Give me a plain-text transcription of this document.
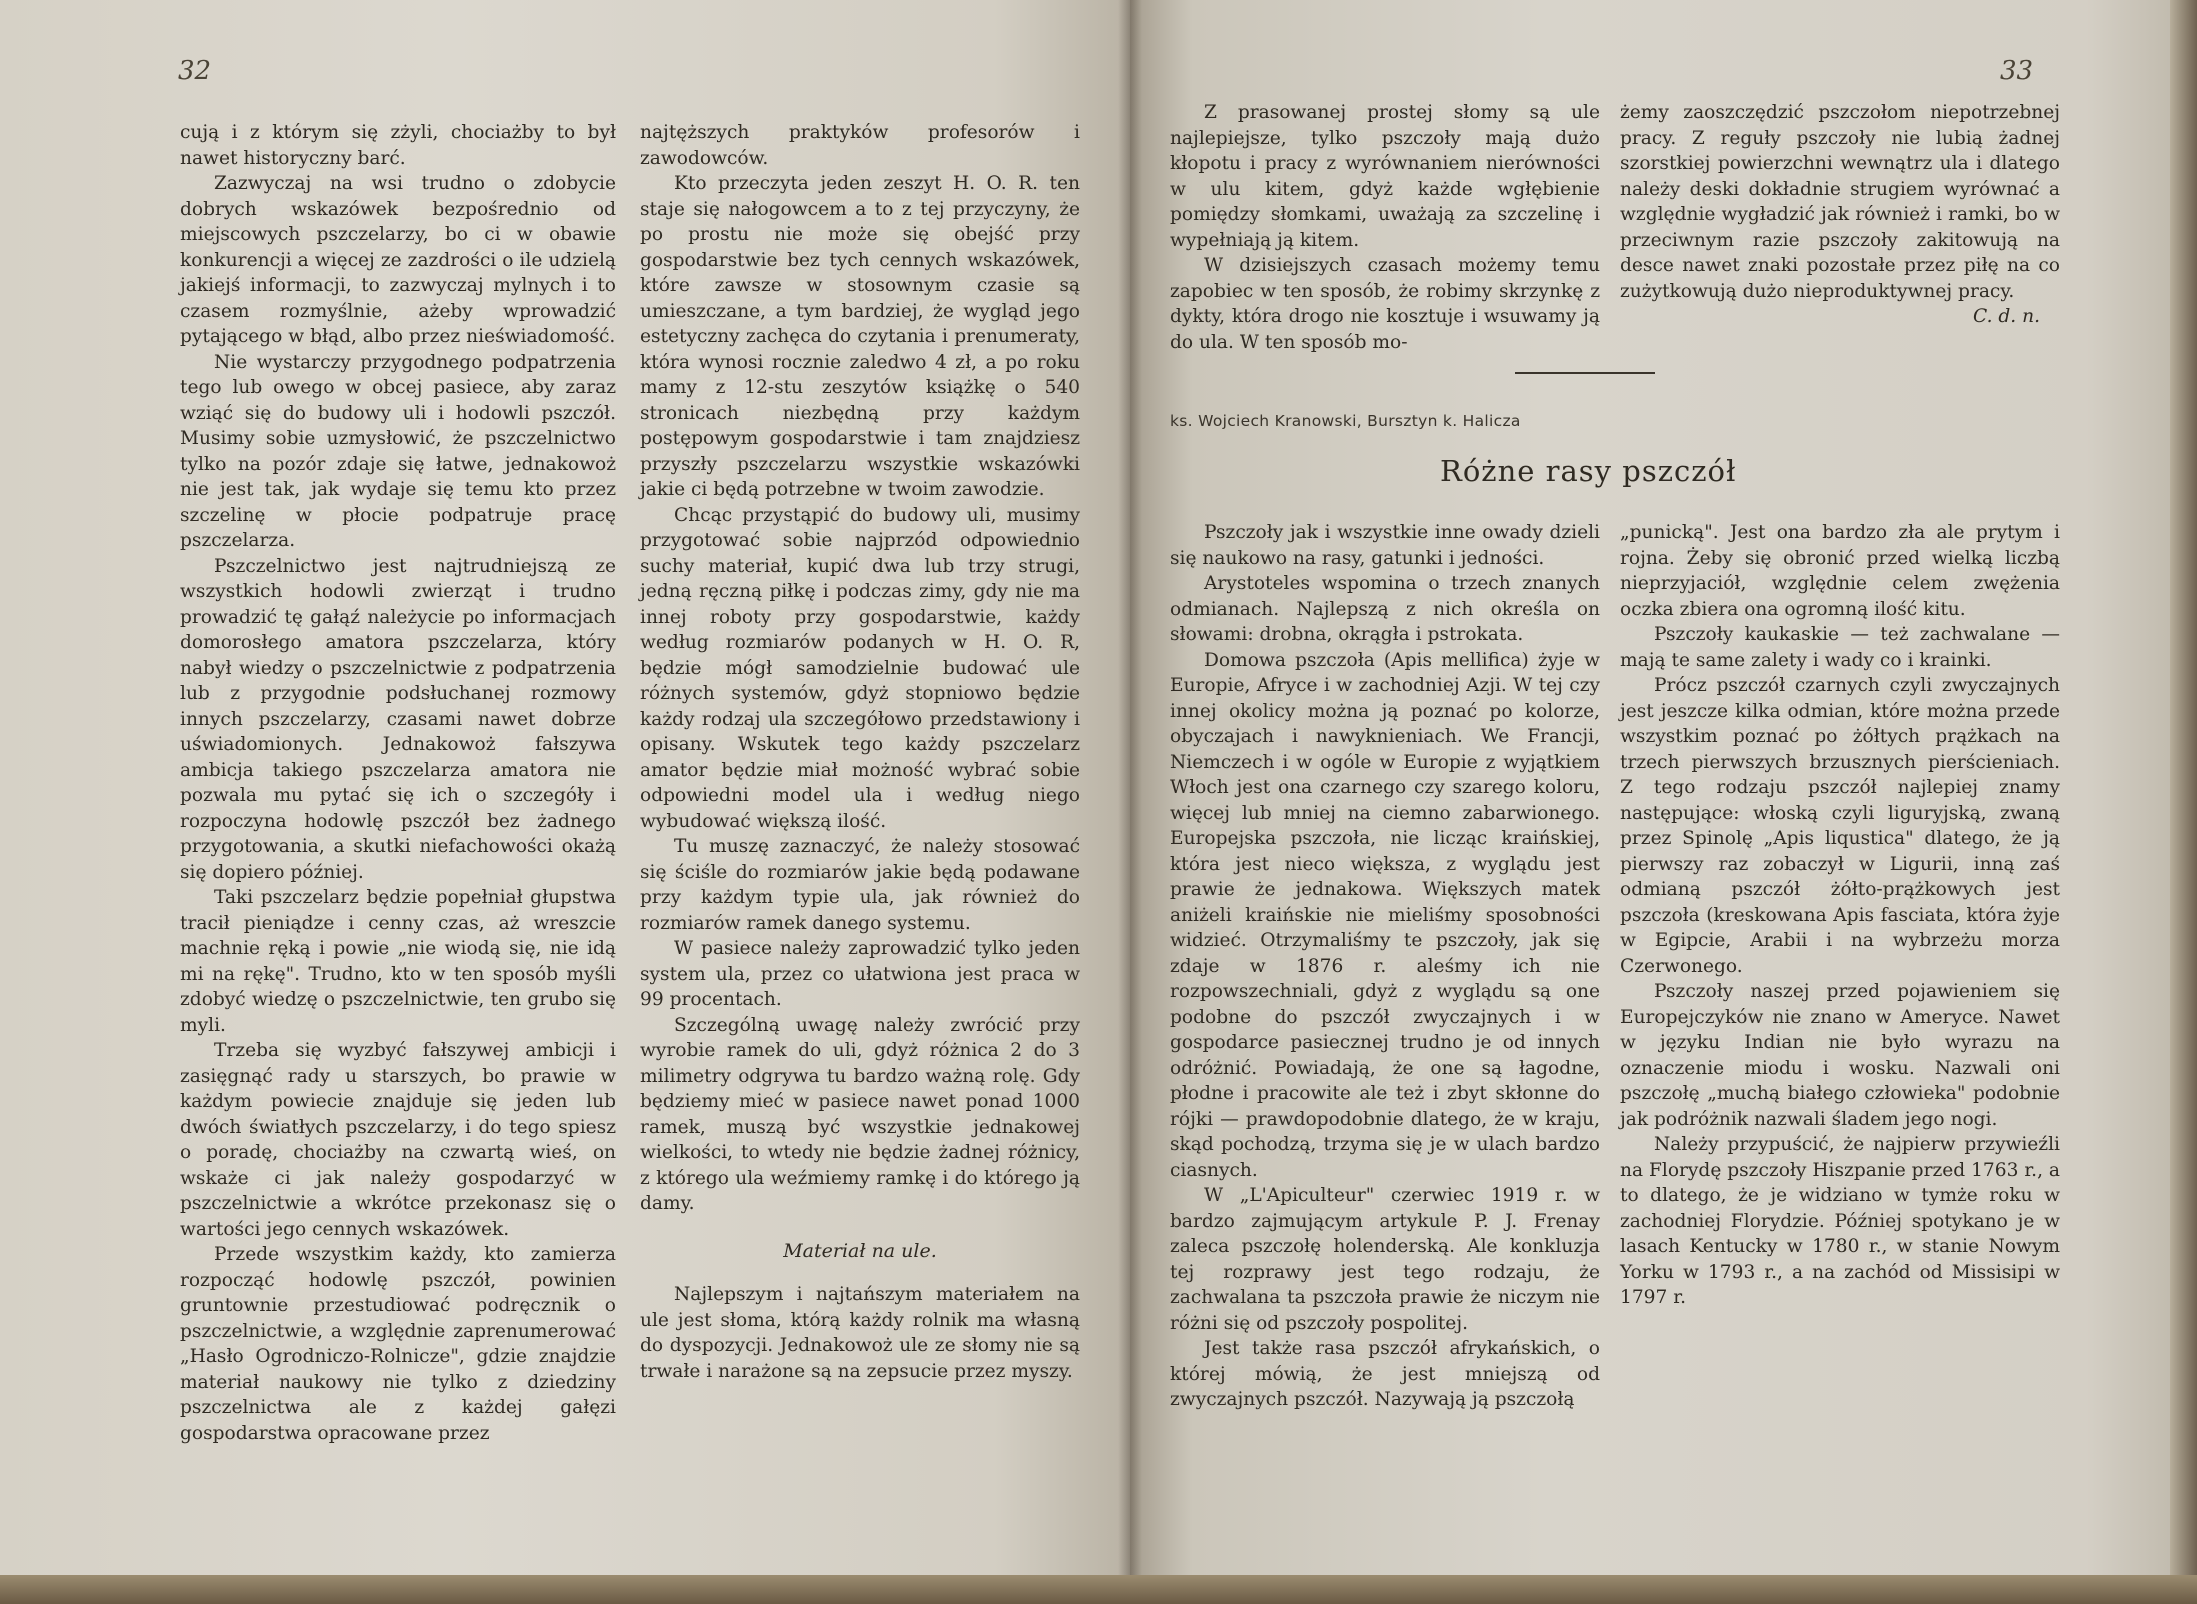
32

cują i z którym się zżyli, chociażby to był nawet historyczny barć.

Zazwyczaj na wsi trudno o zdobycie dobrych wskazówek bezpośrednio od miejscowych pszczelarzy, bo ci w obawie konkurencji a więcej ze zazdrości o ile udzielą jakiejś informacji, to zazwyczaj mylnych i to czasem rozmyślnie, ażeby wprowadzić pytającego w błąd, albo przez nieświadomość.

Nie wystarczy przygodnego podpatrzenia tego lub owego w obcej pasiece, aby zaraz wziąć się do budowy uli i hodowli pszczół. Musimy sobie uzmysłowić, że pszczelnictwo tylko na pozór zdaje się łatwe, jednakowoż nie jest tak, jak wydaje się temu kto przez szczelinę w płocie podpatruje pracę pszczelarza.

Pszczelnictwo jest najtrudniejszą ze wszystkich hodowli zwierząt i trudno prowadzić tę gałąź należycie po informacjach domorosłego amatora pszczelarza, który nabył wiedzy o pszczelnictwie z podpatrzenia lub z przygodnie podsłuchanej rozmowy innych pszczelarzy, czasami nawet dobrze uświadomionych. Jednakowoż fałszywa ambicja takiego pszczelarza amatora nie pozwala mu pytać się ich o szczegóły i rozpoczyna hodowlę pszczół bez żadnego przygotowania, a skutki niefachowości okażą się dopiero później.

Taki pszczelarz będzie popełniał głupstwa tracił pieniądze i cenny czas, aż wreszcie machnie ręką i powie „nie wiodą się, nie idą mi na rękę". Trudno, kto w ten sposób myśli zdobyć wiedzę o pszczelnictwie, ten grubo się myli.

Trzeba się wyzbyć fałszywej ambicji i zasięgnąć rady u starszych, bo prawie w każdym powiecie znajduje się jeden lub dwóch światłych pszczelarzy, i do tego spiesz o poradę, chociażby na czwartą wieś, on wskaże ci jak należy gospodarzyć w pszczelnictwie a wkrótce przekonasz się o wartości jego cennych wskazówek.

Przede wszystkim każdy, kto zamierza rozpocząć hodowlę pszczół, powinien gruntownie przestudiować podręcznik o pszczelnictwie, a względnie zaprenumerować „Hasło Ogrodniczo-Rolnicze", gdzie znajdzie materiał naukowy nie tylko z dziedziny pszczelnictwa ale z każdej gałęzi gospodarstwa opracowane przez

najtęższych praktyków profesorów i zawodowców.

Kto przeczyta jeden zeszyt H. O. R. ten staje się nałogowcem a to z tej przyczyny, że po prostu nie może się obejść przy gospodarstwie bez tych cennych wskazówek, które zawsze w stosownym czasie są umieszczane, a tym bardziej, że wygląd jego estetyczny zachęca do czytania i prenumeraty, która wynosi rocznie zaledwo 4 zł, a po roku mamy z 12-stu zeszytów książkę o 540 stronicach niezbędną przy każdym postępowym gospodarstwie i tam znajdziesz przyszły pszczelarzu wszystkie wskazówki jakie ci będą potrzebne w twoim zawodzie.

Chcąc przystąpić do budowy uli, musimy przygotować sobie najprzód odpowiednio suchy materiał, kupić dwa lub trzy strugi, jedną ręczną piłkę i podczas zimy, gdy nie ma innej roboty przy gospodarstwie, każdy według rozmiarów podanych w H. O. R, będzie mógł samodzielnie budować ule różnych systemów, gdyż stopniowo będzie każdy rodzaj ula szczegółowo przedstawiony i opisany. Wskutek tego każdy pszczelarz amator będzie miał możność wybrać sobie odpowiedni model ula i według niego wybudować większą ilość.

Tu muszę zaznaczyć, że należy stosować się ściśle do rozmiarów jakie będą podawane przy każdym typie ula, jak również do rozmiarów ramek danego systemu.

W pasiece należy zaprowadzić tylko jeden system ula, przez co ułatwiona jest praca w 99 procentach.

Szczególną uwagę należy zwrócić przy wyrobie ramek do uli, gdyż różnica 2 do 3 milimetry odgrywa tu bardzo ważną rolę. Gdy będziemy mieć w pasiece nawet ponad 1000 ramek, muszą być wszystkie jednakowej wielkości, to wtedy nie będzie żadnej różnicy, z którego ula weźmiemy ramkę i do którego ją damy.

Materiał na ule.

Najlepszym i najtańszym materiałem na ule jest słoma, którą każdy rolnik ma własną do dyspozycji. Jednakowoż ule ze słomy nie są trwałe i narażone są na zepsucie przez myszy.

33

Z prasowanej prostej słomy są ule najlepiejsze, tylko pszczoły mają dużo kłopotu i pracy z wyrównaniem nierówności w ulu kitem, gdyż każde wgłębienie pomiędzy słomkami, uważają za szczelinę i wypełniają ją kitem.

W dzisiejszych czasach możemy temu zapobiec w ten sposób, że robimy skrzynkę z dykty, która drogo nie kosztuje i wsuwamy ją do ula. W ten sposób mo-

żemy zaoszczędzić pszczołom niepotrzebnej pracy. Z reguły pszczoły nie lubią żadnej szorstkiej powierzchni wewnątrz ula i dlatego należy deski dokładnie strugiem wyrównać a względnie wygładzić jak również i ramki, bo w przeciwnym razie pszczoły zakitowują na desce nawet znaki pozostałe przez piłę na co zużytkowują dużo nieproduktywnej pracy.

C. d. n.
ks. Wojciech Kranowski, Bursztyn k. Halicza
Różne rasy pszczół

Pszczoły jak i wszystkie inne owady dzieli się naukowo na rasy, gatunki i jedności.

Arystoteles wspomina o trzech znanych odmianach. Najlepszą z nich określa on słowami: drobna, okrągła i pstrokata.

Domowa pszczoła (Apis mellifica) żyje w Europie, Afryce i w zachodniej Azji. W tej czy innej okolicy można ją poznać po kolorze, obyczajach i nawyknieniach. We Francji, Niemczech i w ogóle w Europie z wyjątkiem Włoch jest ona czarnego czy szarego koloru, więcej lub mniej na ciemno zabarwionego. Europejska pszczoła, nie licząc kraińskiej, która jest nieco większa, z wyglądu jest prawie że jednakowa. Większych matek aniżeli kraińskie nie mieliśmy sposobności widzieć. Otrzymaliśmy te pszczoły, jak się zdaje w 1876 r. aleśmy ich nie rozpowszechniali, gdyż z wyglądu są one podobne do pszczół zwyczajnych i w gospodarce pasiecznej trudno je od innych odróżnić. Powiadają, że one są łagodne, płodne i pracowite ale też i zbyt skłonne do rójki — prawdopodobnie dlatego, że w kraju, skąd pochodzą, trzyma się je w ulach bardzo ciasnych.

W „L'Apiculteur" czerwiec 1919 r. w bardzo zajmującym artykule P. J. Frenay zaleca pszczołę holenderską. Ale konkluzja tej rozprawy jest tego rodzaju, że zachwalana ta pszczoła prawie że niczym nie różni się od pszczoły pospolitej.

Jest także rasa pszczół afrykańskich, o której mówią, że jest mniejszą od zwyczajnych pszczół. Nazywają ją pszczołą

„punicką". Jest ona bardzo zła ale prytym i rojna. Żeby się obronić przed wielką liczbą nieprzyjaciół, względnie celem zwężenia oczka zbiera ona ogromną ilość kitu.

Pszczoły kaukaskie — też zachwalane — mają te same zalety i wady co i krainki.

Prócz pszczół czarnych czyli zwyczajnych jest jeszcze kilka odmian, które można przede wszystkim poznać po żółtych prążkach na trzech pierwszych brzusznych pierścieniach. Z tego rodzaju pszczół najlepiej znamy następujące: włoską czyli liguryjską, zwaną przez Spinolę „Apis liqustica" dlatego, że ją pierwszy raz zobaczył w Ligurii, inną zaś odmianą pszczół żółto-prążkowych jest pszczoła (kreskowana Apis fasciata, która żyje w Egipcie, Arabii i na wybrzeżu morza Czerwonego.

Pszczoły naszej przed pojawieniem się Europejczyków nie znano w Ameryce. Nawet w języku Indian nie było wyrazu na oznaczenie miodu i wosku. Nazwali oni pszczołę „muchą białego człowieka" podobnie jak podróżnik nazwali śladem jego nogi.

Należy przypuścić, że najpierw przywieźli na Florydę pszczoły Hiszpanie przed 1763 r., a to dlatego, że je widziano w tymże roku w zachodniej Florydzie. Później spotykano je w lasach Kentucky w 1780 r., w stanie Nowym Yorku w 1793 r., a na zachód od Missisipi w 1797 r.
